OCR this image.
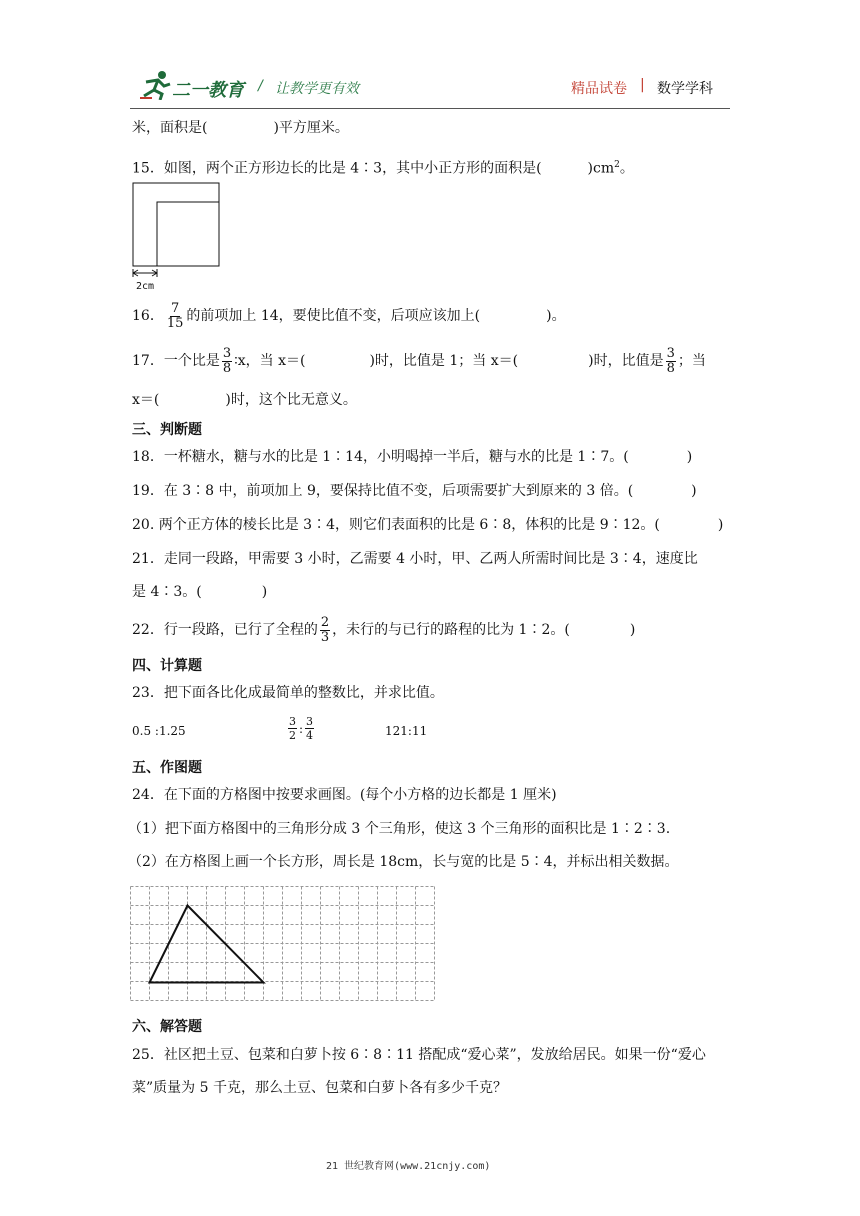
二一教育 / 让教学更有效	精品试卷 | 数学学科
米，面积是(	)平方厘米。
15．如图，两个正方形边长的比是 4∶3，其中小正方形的面积是(	)$cm^2$。
2cm
16． $\frac{7}{15}$ 的前项加上 14，要使比值不变，后项应该加上(	)。
17．一个比是 $\frac{3}{8}$ ∶x，当 x＝(	)时，比值是 1；当 x＝(	)时，比值是 $\frac{3}{8}$ ；当
x＝(	)时，这个比无意义。
三、判断题
18．一杯糖水，糖与水的比是 1∶14，小明喝掉一半后，糖与水的比是 1∶7。(	)
19．在 3∶8 中，前项加上 9，要保持比值不变，后项需要扩大到原来的 3 倍。(	)
20. 两个正方体的棱长比是 3∶4，则它们表面积的比是 6∶8，体积的比是 9∶12。(	)
21．走同一段路，甲需要 3 小时，乙需要 4 小时，甲、乙两人所需时间比是 3∶4，速度比
是 4∶3。(	)
22．行一段路，已行了全程的 $\frac{2}{3}$ ，未行的与已行的路程的比为 1∶2。(	)
四、计算题
23．把下面各比化成最简单的整数比，并求比值。
0.5 :1.25	$\frac{3}{2}$ : $\frac{3}{4}$	121:11
五、作图题
24．在下面的方格图中按要求画图。(每个小方格的边长都是 1 厘米)
（1）把下面方格图中的三角形分成 3 个三角形，使这 3 个三角形的面积比是 1∶2∶3.
（2）在方格图上画一个长方形，周长是 18cm，长与宽的比是 5∶4，并标出相关数据。
六、解答题
25．社区把土豆、包菜和白萝卜按 6∶8∶11 搭配成“爱心菜”，发放给居民。如果一份“爱心
菜”质量为 5 千克，那么土豆、包菜和白萝卜各有多少千克？
21 世纪教育网(www.21cnjy.com)
